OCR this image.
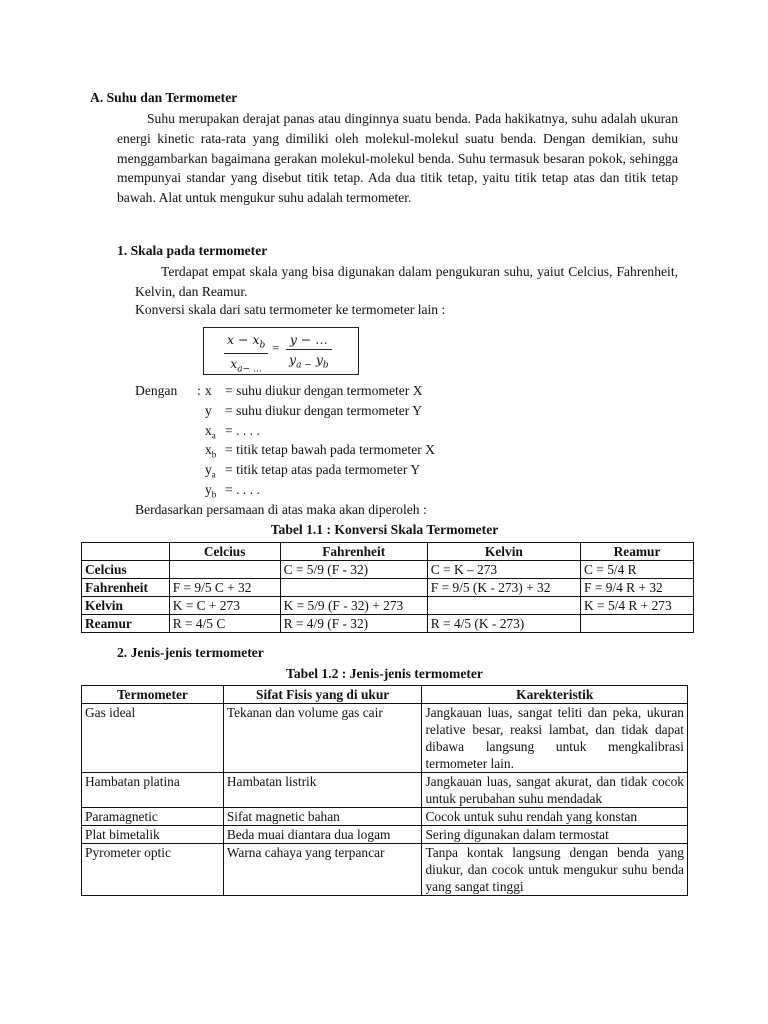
A. Suhu dan Termometer
Suhu merupakan derajat panas atau dinginnya suatu benda. Pada hakikatnya, suhu adalah ukuran energi kinetic rata-rata yang dimiliki oleh molekul-molekul suatu benda. Dengan demikian, suhu menggambarkan bagaimana gerakan molekul-molekul benda. Suhu termasuk besaran pokok, sehingga mempunyai standar yang disebut titik tetap. Ada dua titik tetap, yaitu titik tetap atas dan titik tetap bawah. Alat untuk mengukur suhu adalah termometer.
1. Skala pada termometer
Terdapat empat skala yang bisa digunakan dalam pengukuran suhu, yaiut Celcius, Fahrenheit, Kelvin, dan Reamur.
Konversi skala dari satu termometer ke termometer lain :
$\frac{x - x_b}{x_{a- \dots}} = \frac{y - \dots}{y_{a -} y_b}$
Dengan : x = suhu diukur dengan termometer X
y = suhu diukur dengan termometer Y
$x_a$ = . . . .
$x_b$ = titik tetap bawah pada termometer X
$y_a$ = titik tetap atas pada termometer Y
$y_b$ = . . . .
Berdasarkan persamaan di atas maka akan diperoleh :
Tabel 1.1 : Konversi Skala Termometer
	Celcius	Fahrenheit	Kelvin	Reamur
Celcius		C = 5/9 (F - 32)	C = K – 273	C = 5/4 R
Fahrenheit	F = 9/5 C + 32		F = 9/5 (K - 273) + 32	F = 9/4 R + 32
Kelvin	K = C + 273	K = 5/9 (F - 32) + 273		K = 5/4 R + 273
Reamur	R = 4/5 C	R = 4/9 (F - 32)	R = 4/5 (K - 273)	
2. Jenis-jenis termometer
Tabel 1.2 : Jenis-jenis termometer
Termometer	Sifat Fisis yang di ukur	Karekteristik
Gas ideal	Tekanan dan volume gas cair	Jangkauan luas, sangat teliti dan peka, ukuran relative besar, reaksi lambat, dan tidak dapat dibawa langsung untuk mengkalibrasi termometer lain.
Hambatan platina	Hambatan listrik	Jangkauan luas, sangat akurat, dan tidak cocok untuk perubahan suhu mendadak
Paramagnetic	Sifat magnetic bahan	Cocok untuk suhu rendah yang konstan
Plat bimetalik	Beda muai diantara dua logam	Sering digunakan dalam termostat
Pyrometer optic	Warna cahaya yang terpancar	Tanpa kontak langsung dengan benda yang diukur, dan cocok untuk mengukur suhu benda yang sangat tinggi
